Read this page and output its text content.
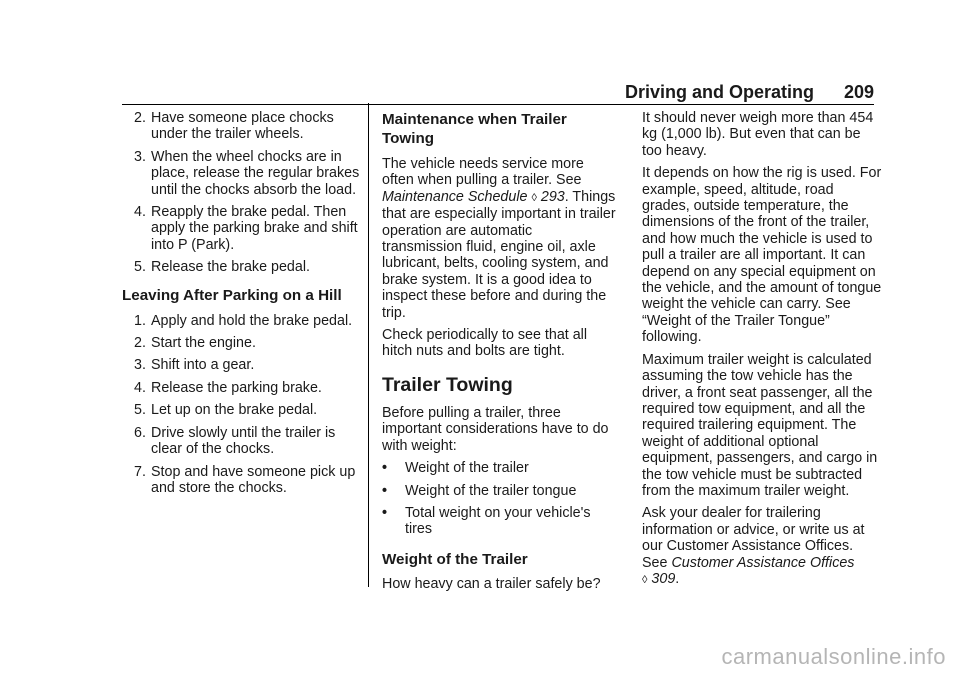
Driving and Operating 209
2. Have someone place chocks under the trailer wheels.
3. When the wheel chocks are in place, release the regular brakes until the chocks absorb the load.
4. Reapply the brake pedal. Then apply the parking brake and shift into P (Park).
5. Release the brake pedal.
Leaving After Parking on a Hill
1. Apply and hold the brake pedal.
2. Start the engine.
3. Shift into a gear.
4. Release the parking brake.
5. Let up on the brake pedal.
6. Drive slowly until the trailer is clear of the chocks.
7. Stop and have someone pick up and store the chocks.
Maintenance when Trailer Towing

The vehicle needs service more often when pulling a trailer. See Maintenance Schedule ◊ 293. Things that are especially important in trailer operation are automatic transmission fluid, engine oil, axle lubricant, belts, cooling system, and brake system. It is a good idea to inspect these before and during the trip.

Check periodically to see that all hitch nuts and bolts are tight.

Trailer Towing

Before pulling a trailer, three important considerations have to do with weight:

• Weight of the trailer
• Weight of the trailer tongue
• Total weight on your vehicle's tires
Weight of the Trailer

How heavy can a trailer safely be?

It should never weigh more than 454 kg (1,000 lb). But even that can be too heavy.

It depends on how the rig is used. For example, speed, altitude, road grades, outside temperature, the dimensions of the front of the trailer, and how much the vehicle is used to pull a trailer are all important. It can depend on any special equipment on the vehicle, and the amount of tongue weight the vehicle can carry. See “Weight of the Trailer Tongue” following.

Maximum trailer weight is calculated assuming the tow vehicle has the driver, a front seat passenger, all the required tow equipment, and all the required trailering equipment. The weight of additional optional equipment, passengers, and cargo in the tow vehicle must be subtracted from the maximum trailer weight.

Ask your dealer for trailering information or advice, or write us at our Customer Assistance Offices. See Customer Assistance Offices
◊ 309.

carmanualsonline.info
